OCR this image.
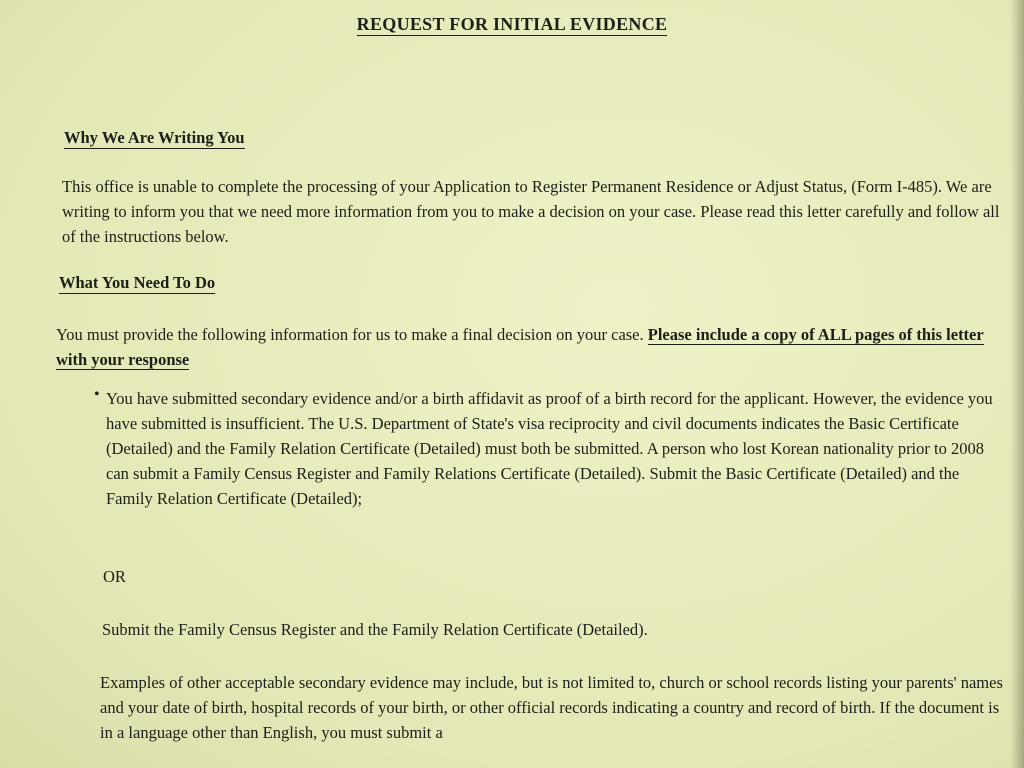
REQUEST FOR INITIAL EVIDENCE
Why We Are Writing You

This office is unable to complete the processing of your Application to Register Permanent Residence or Adjust Status, (Form I-485). We are writing to inform you that we need more information from you to make a decision on your case. Please read this letter carefully and follow all of the instructions below.

What You Need To Do

You must provide the following information for us to make a final decision on your case. Please include a copy of ALL pages of this letter with your response

• You have submitted secondary evidence and/or a birth affidavit as proof of a birth record for the applicant. However, the evidence you have submitted is insufficient. The U.S. Department of State's visa reciprocity and civil documents indicates the Basic Certificate (Detailed) and the Family Relation Certificate (Detailed) must both be submitted. A person who lost Korean nationality prior to 2008 can submit a Family Census Register and Family Relations Certificate (Detailed). Submit the Basic Certificate (Detailed) and the Family Relation Certificate (Detailed);

OR

Submit the Family Census Register and the Family Relation Certificate (Detailed).

Examples of other acceptable secondary evidence may include, but is not limited to, church or school records listing your parents' names and your date of birth, hospital records of your birth, or other official records indicating a country and record of birth. If the document is in a language other than English, you must submit a
